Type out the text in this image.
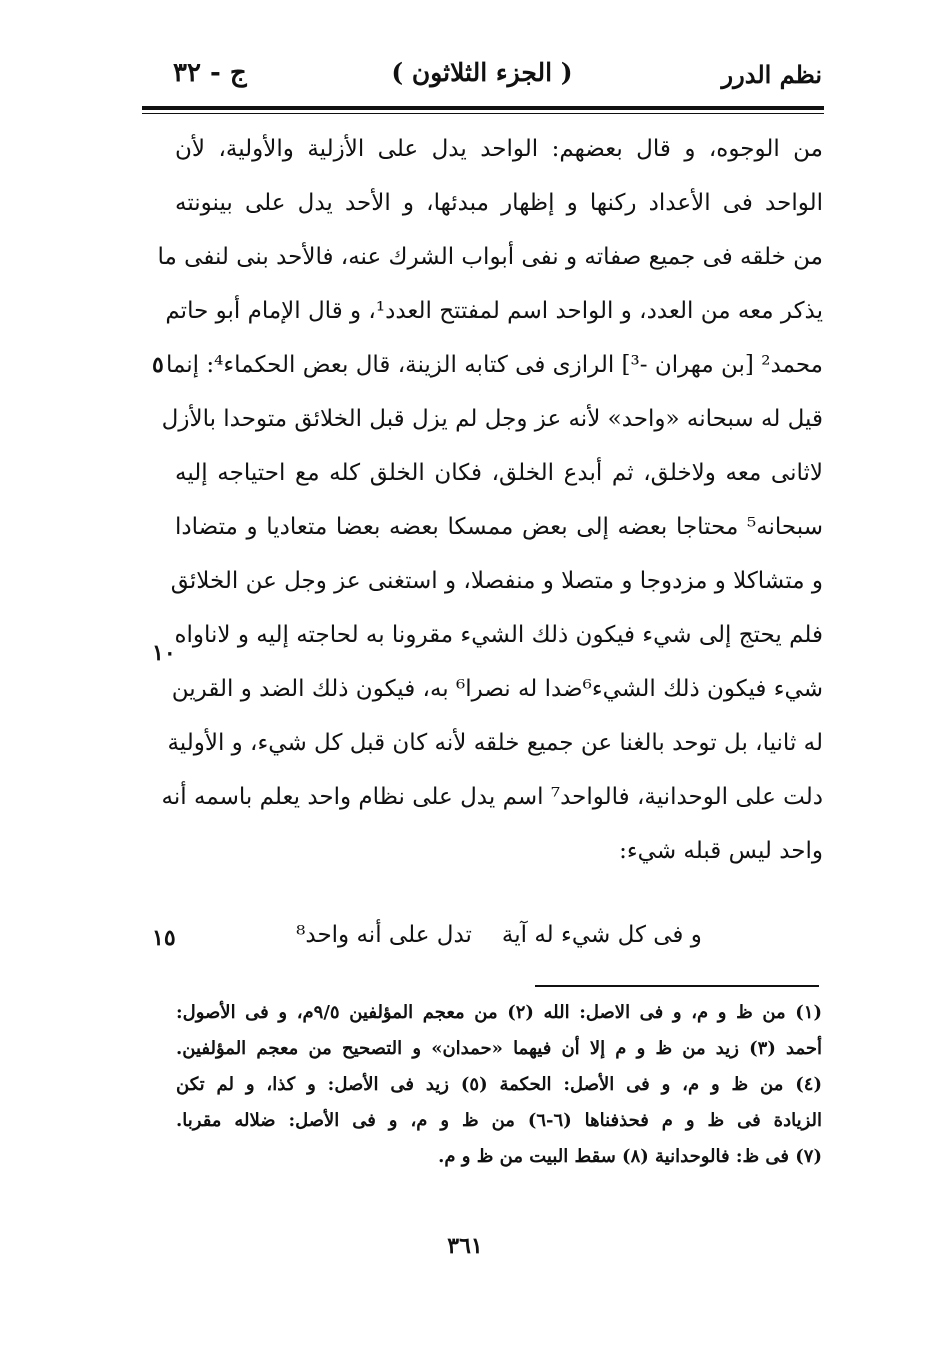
ج - ٣٢	( الجزء الثلاثون )	نظم الدرر
من الوجوه، و قال بعضهم: الواحد يدل على الأزلية والأولية، لأن
الواحد فى الأعداد ركنها و إظهار مبدئها، و الأحد يدل على بينونته
من خلقه فى جميع صفاته و نفى أبواب الشرك عنه، فالأحد بنى لنفى ما
يذكر معه من العدد، و الواحد اسم لمفتتح العدد¹، و قال الإمام أبو حاتم
محمد² [بن مهران -³] الرازى فى كتابه الزينة، قال بعض الحكماء⁴: إنما
قيل له سبحانه «واحد» لأنه عز وجل لم يزل قبل الخلائق متوحدا بالأزل
لاثانى معه ولاخلق، ثم أبدع الخلق، فكان الخلق كله مع احتياجه إليه
سبحانه⁵ محتاجا بعضه إلى بعض ممسكا بعضه بعضا متعاديا و متضادا
و متشاكلا و مزدوجا و متصلا و منفصلا، و استغنى عز وجل عن الخلائق
فلم يحتج إلى شيء فيكون ذلك الشيء مقرونا به لحاجته إليه و لاناواه
شيء فيكون ذلك الشيء⁶ضدا له نصرا⁶ به، فيكون ذلك الضد و القرين
له ثانيا، بل توحد بالغنا عن جميع خلقه لأنه كان قبل كل شيء، و الأولية
دلت على الوحدانية، فالواحد⁷ اسم يدل على نظام واحد يعلم باسمه أنه
واحد ليس قبله شيء:
٥
١٠
١٥	و فى كل شيء له آيةتدل على أنه واحد⁸
(١) من ظ و م، و فى الاصل: الله (٢) من معجم المؤلفين ٩/٥م، و فى الأصول:
أحمد (٣) زيد من ظ و م إلا أن فيهما «حمدان» و التصحيح من معجم المؤلفين.
(٤) من ظ و م، و فى الأصل: الحكمة (٥) زيد فى الأصل: و كذا، و لم تكن
الزيادة فى ظ و م فحذفناها (٦-٦) من ظ و م، و فى الأصل: ضلاله مقربا.
(٧) فى ظ: فالوحدانية (٨) سقط البيت من ظ و م.
٣٦١
